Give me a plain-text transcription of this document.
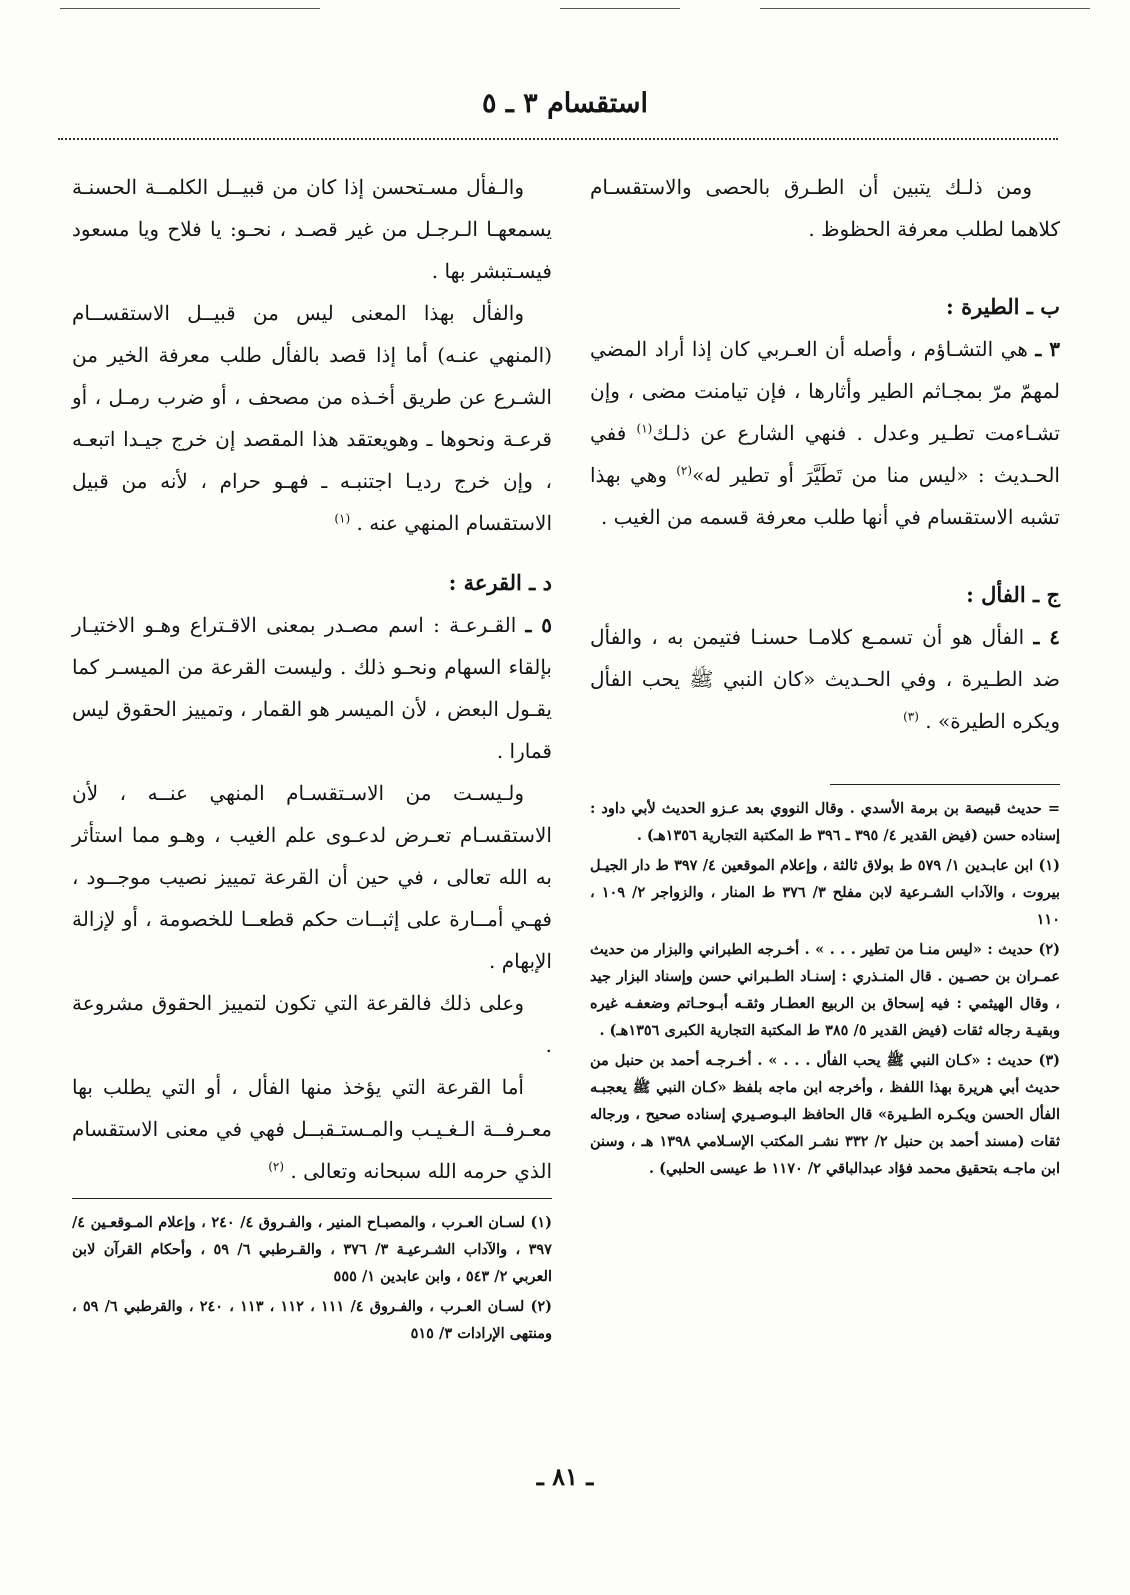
استقسام ٣ ـ ٥

ومن ذلـك يتبين أن الطـرق بالحصى والاستقسـام كلاهما لطلب معرفة الحظوظ .

ب ـ الطيرة :

٣ ـ هي التشـاؤم ، وأصله أن العـربي كان إذا أراد المضي لمهمّ مرّ بمجـاثم الطير وأثارها ، فإن تيامنت مضى ، وإن تشـاءمت تطـير وعدل . فنهي الشارع عن ذلـك$^{(١)}$ ففي الحـديث : «ليس منا من تَطَيَّرَ أو تطير له»$^{(٢)}$ وهي بهذا تشبه الاستقسام في أنها طلب معرفة قسمه من الغيب .

ج ـ الفأل :

٤ ـ الفأل هو أن تسمـع كلامـا حسنـا فتيمن به ، والفأل ضد الطـيرة ، وفي الحـديث «كان النبي ﷺ يحب الفأل ويكره الطيرة» . $^{(٣)}$

= حديث قبيصة بن برمة الأسدي . وقال النووي بعد عـزو الحديث لأبي داود : إسناده حسن (فيض القدير ٤/ ٣٩٥ ـ ٣٩٦ ط المكتبة التجارية ١٣٥٦هـ) .

(١) ابن عابـدين ١/ ٥٧٩ ط بولاق ثالثة ، وإعلام الموقعين ٤/ ٣٩٧ ط دار الجيـل بيروت ، والآداب الشـرعية لابن مفلح ٣/ ٣٧٦ ط المنار ، والزواجر ٢/ ١٠٩ ، ١١٠

(٢) حديث : «ليس منـا من تطير . . . » . أخـرجه الطبراني والبزار من حديث عمـران بن حصـين . قال المنـذري : إسنـاد الطـبراني حسن وإسناد البزار جيد ، وقال الهيثمي : فيه إسحاق بن الربيع العطـار وثقـه أبـوحـاتم وضعفـه غيره وبقيـة رجاله ثقات (فيض القدير ٥/ ٣٨٥ ط المكتبة التجارية الكبرى ١٣٥٦هـ) .

(٣) حديث : «كـان النبي ﷺ يحب الفأل . . . » . أخـرجـه أحمد بن حنبل من حديث أبي هريرة بهذا اللفظ ، وأخرجه ابن ماجه بلفظ «كـان النبي ﷺ يعجبـه الفأل الحسن ويكـره الطـيرة» قال الحافظ البـوصـيري إسناده صحيح ، ورجاله ثقات (مسند أحمد بن حنبل ٢/ ٣٣٢ نشـر المكتب الإسـلامي ١٣٩٨ هـ ، وسنن ابن ماجـه بتحقيق محمد فؤاد عبدالباقي ٢/ ١١٧٠ ط عيسى الحلبي) .

والـفأل مسـتحسن إذا كان من قبيــل الكلمــة الحسنـة يسمعهـا الـرجـل من غير قصـد ، نحـو: يا فلاح ويا مسعود فيسـتبشر بها .

والفأل بهذا المعنى ليس من قبيــل الاستقســام (المنهي عنـه) أما إذا قصد بالفأل طلب معرفة الخير من الشـرع عن طريق أخـذه من مصحف ، أو ضرب رمـل ، أو قرعـة ونحوها ـ وهويعتقد هذا المقصد إن خرج جيـدا اتبعـه ، وإن خرج رديـا اجتنبـه ـ فهـو حرام ، لأنه من قبيل الاستقسام المنهي عنه . $^{(١)}$

د ـ القرعة :

٥ ـ القـرعـة : اسم مصـدر بمعنى الاقـتراع وهـو الاختيـار بإلقاء السهام ونحـو ذلك . وليست القرعة من الميسـر كما يقـول البعض ، لأن الميسر هو القمار ، وتمييز الحقوق ليس قمارا .

ولـيسـت من الاسـتقسـام المنهي عنــه ، لأن الاستقسـام تعـرض لدعـوى علم الغيب ، وهـو مما استأثر به الله تعالى ، في حين أن القرعة تمييز نصيب موجــود ، فهـي أمــارة على إثبــات حكم قطعــا للخصومة ، أو لإزالة الإبهام .

وعلى ذلك فالقرعة التي تكون لتمييز الحقوق مشروعة .

أما القرعة التي يؤخذ منها الفأل ، أو التي يطلب بها معـرفــة الـغـيـب والمـستـقبــل فهي في معنى الاستقسام الذي حرمه الله سبحانه وتعالى . $^{(٢)}$

(١) لسـان العـرب ، والمصبـاح المنير ، والفـروق ٤/ ٢٤٠ ، وإعلام المـوقعـين ٤/ ٣٩٧ ، والآداب الشـرعيـة ٣/ ٣٧٦ ، والقـرطبي ٦/ ٥٩ ، وأحكام القرآن لابن العربي ٢/ ٥٤٣ ، وابن عابدين ١/ ٥٥٥

(٢) لسـان العـرب ، والفـروق ٤/ ١١١ ، ١١٢ ، ١١٣ ، ٢٤٠ ، والقرطبي ٦/ ٥٩ ، ومنتهى الإرادات ٣/ ٥١٥

ـ ٨١ ـ
